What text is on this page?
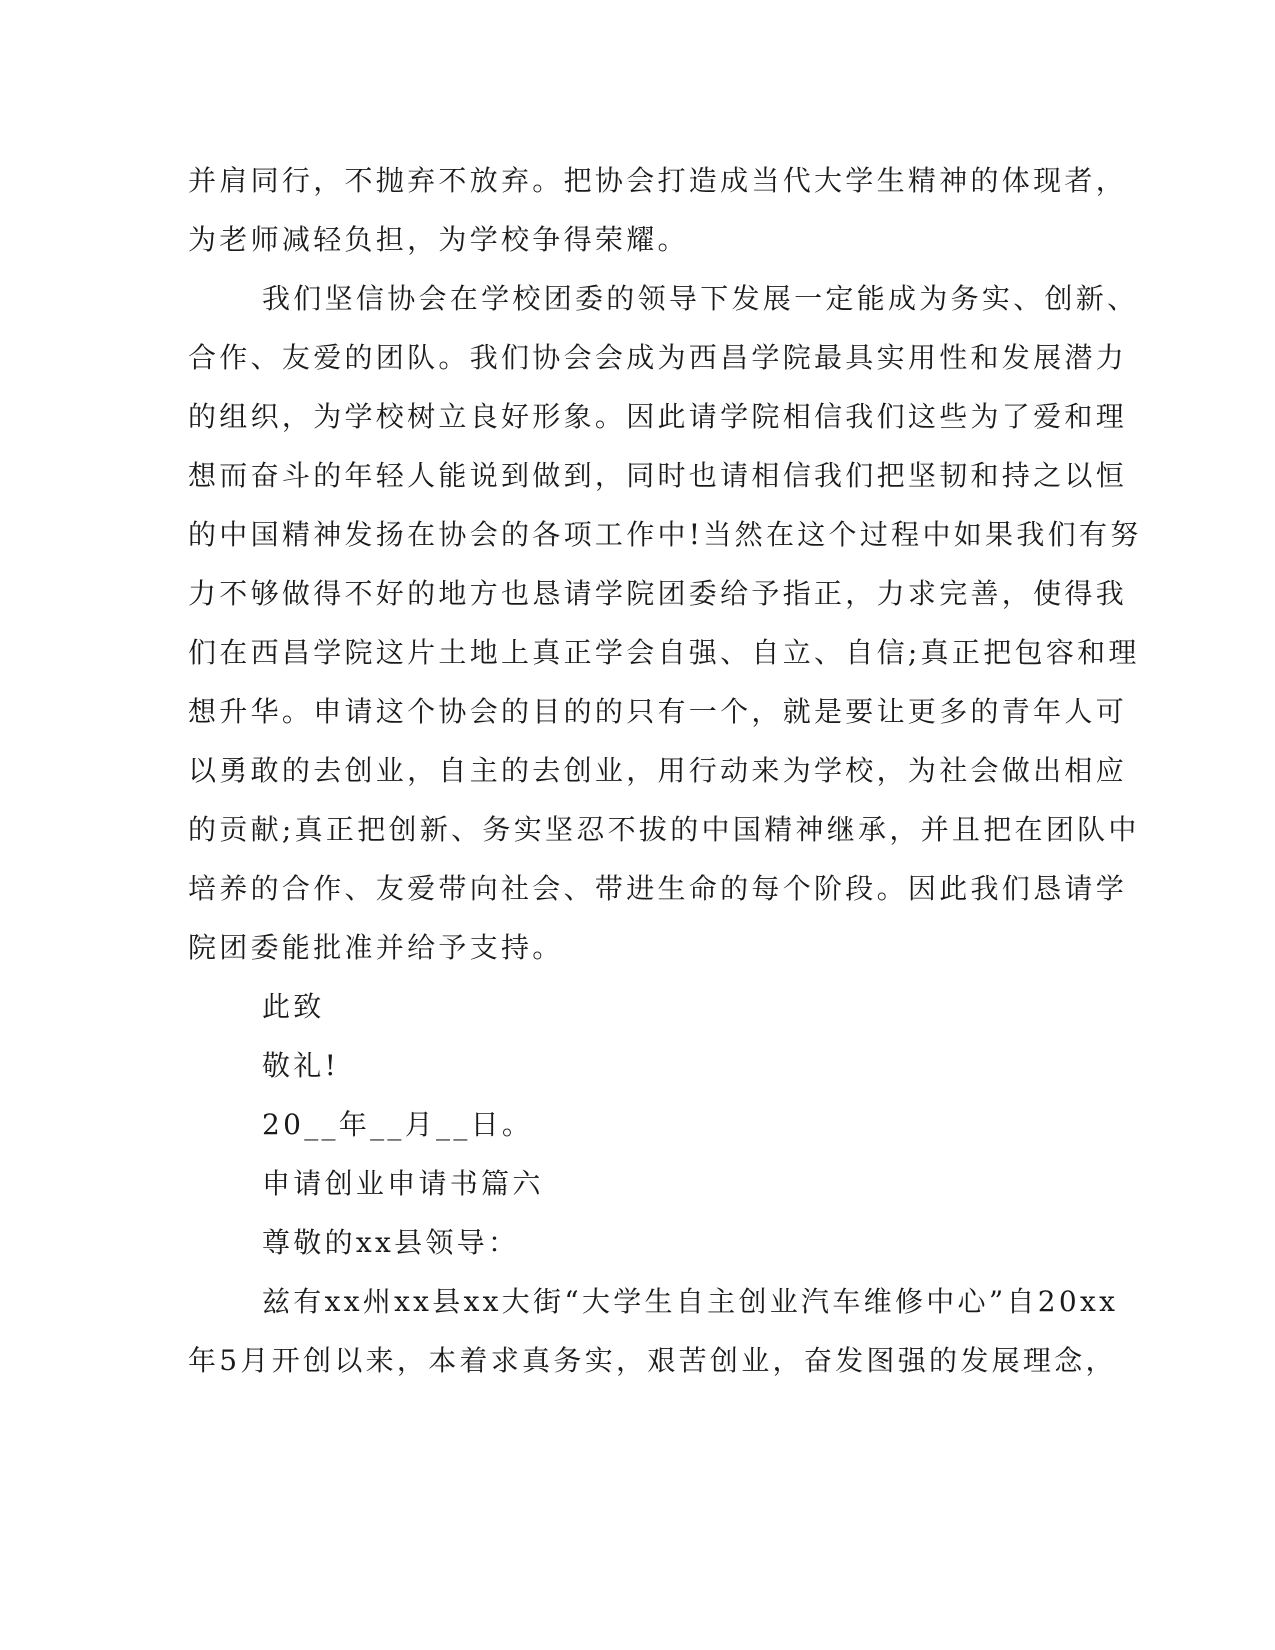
并肩同行，不抛弃不放弃。把协会打造成当代大学生精神的体现者，
为老师减轻负担，为学校争得荣耀。
我们坚信协会在学校团委的领导下发展一定能成为务实、创新、
合作、友爱的团队。我们协会会成为西昌学院最具实用性和发展潜力
的组织，为学校树立良好形象。因此请学院相信我们这些为了爱和理
想而奋斗的年轻人能说到做到，同时也请相信我们把坚韧和持之以恒
的中国精神发扬在协会的各项工作中!当然在这个过程中如果我们有努
力不够做得不好的地方也恳请学院团委给予指正，力求完善，使得我
们在西昌学院这片土地上真正学会自强、自立、自信;真正把包容和理
想升华。申请这个协会的目的的只有一个，就是要让更多的青年人可
以勇敢的去创业，自主的去创业，用行动来为学校，为社会做出相应
的贡献;真正把创新、务实坚忍不拔的中国精神继承，并且把在团队中
培养的合作、友爱带向社会、带进生命的每个阶段。因此我们恳请学
院团委能批准并给予支持。
此致
敬礼!
20__年__月__日。
申请创业申请书篇六
尊敬的xx县领导：
兹有xx州xx县xx大街“大学生自主创业汽车维修中心”自20xx
年5月开创以来，本着求真务实，艰苦创业，奋发图强的发展理念，
